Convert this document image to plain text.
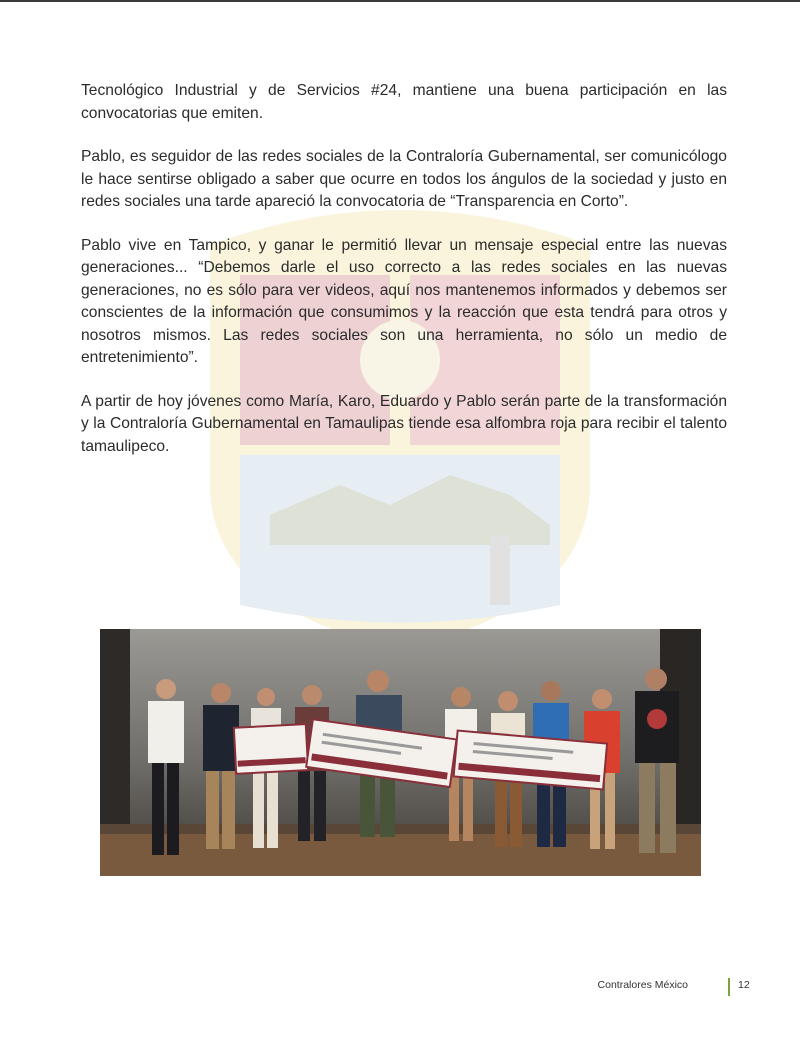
Tecnológico Industrial y de Servicios #24, mantiene una buena participación en las convocatorias que emiten.

Pablo, es seguidor de las redes sociales de la Contraloría Gubernamental, ser comunicólogo le hace sentirse obligado a saber que ocurre en todos los ángulos de la sociedad y justo en redes sociales una tarde apareció la convocatoria de “Transparencia en Corto”.

Pablo vive en Tampico, y ganar le permitió llevar un mensaje especial entre las nuevas generaciones... “Debemos darle el uso correcto a las redes sociales en las nuevas generaciones, no es sólo para ver videos, aquí nos mantenemos informados y debemos ser conscientes de la información que consumimos y la reacción que esta tendrá para otros y nosotros mismos. Las redes sociales son una herramienta, no sólo un medio de entretenimiento”.

A partir de hoy jóvenes como María, Karo, Eduardo y Pablo serán parte de la transformación y la Contraloría Gubernamental en Tamaulipas tiende esa alfombra roja para recibir el talento tamaulipeco.

Contralores México	12
